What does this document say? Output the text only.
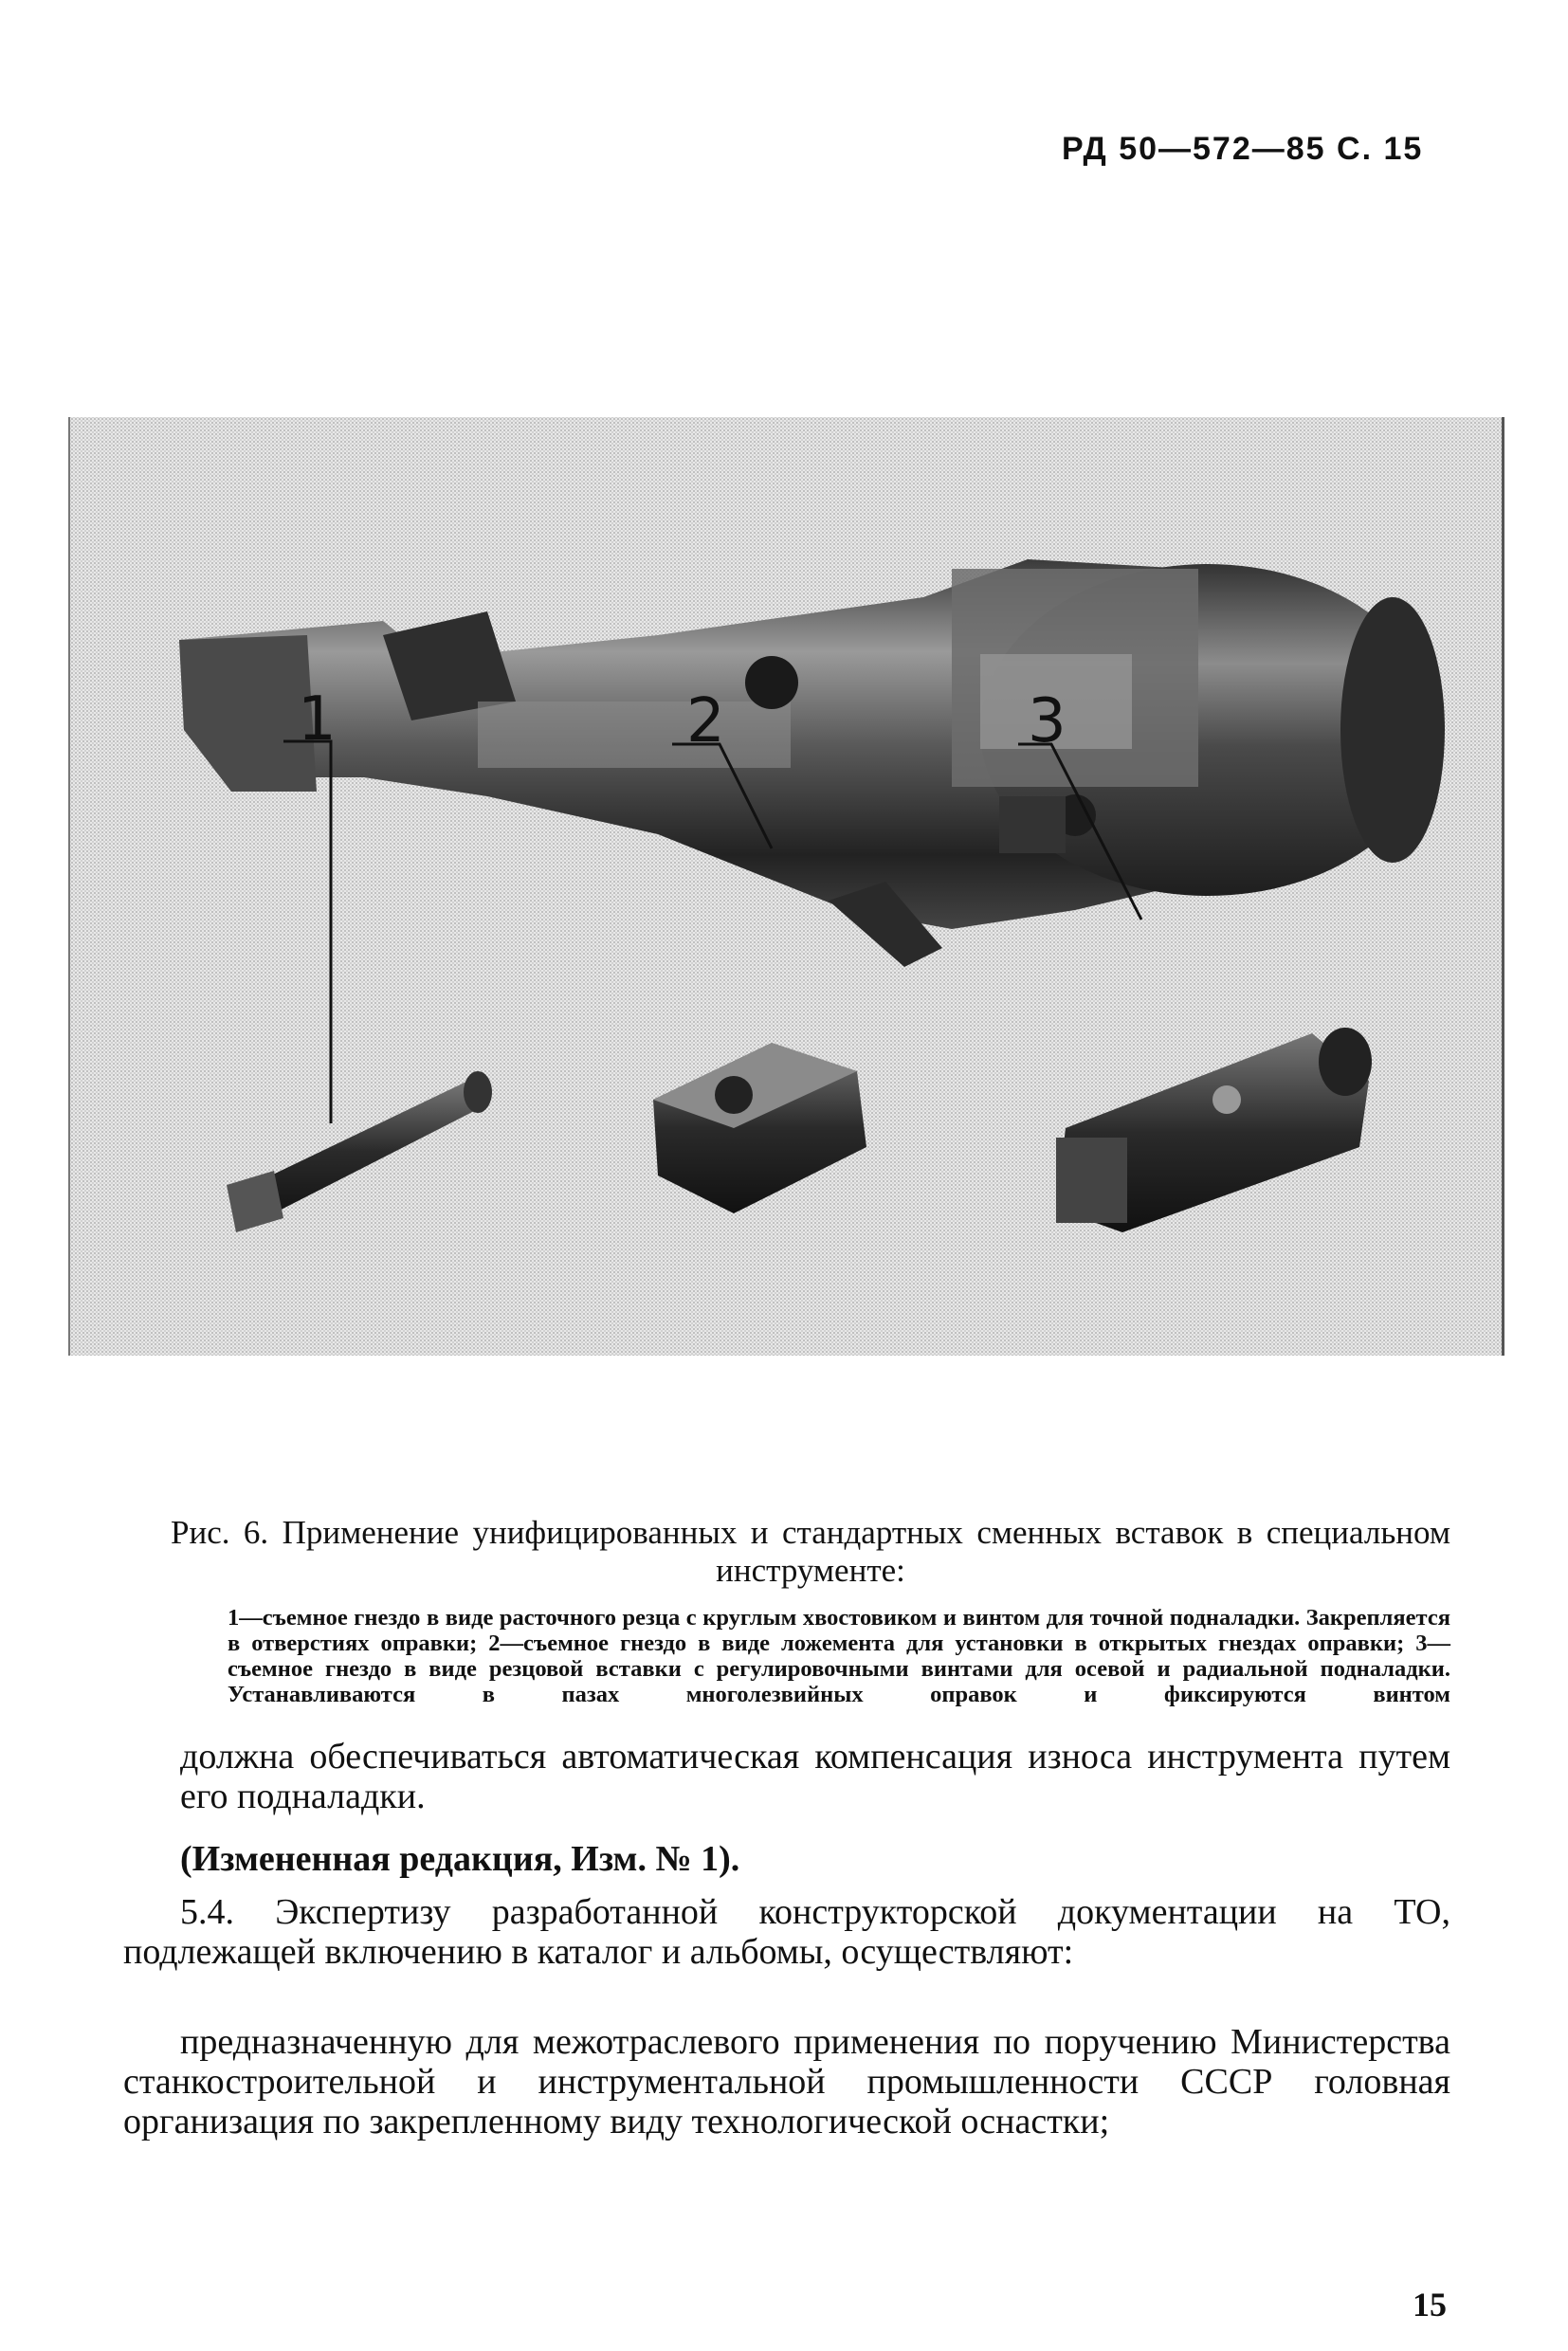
РД 50—572—85 С. 15
1	2	3
Рис. 6. Применение унифицированных и стандартных сменных вставок в специальном инструменте:
1—съемное гнездо в виде расточного резца с круглым хвостовиком и винтом для точной подналадки. Закрепляется в отверстиях оправки; 2—съемное гнездо в виде ложемента для установки в открытых гнездах оправки; 3—съемное гнездо в виде резцовой вставки с регулировочными винтами для осевой и радиальной подналадки. Устанавливаются в пазах многолезвийных оправок и фиксируются винтом
должна обеспечиваться автоматическая компенсация износа инструмента путем его подналадки.
(Измененная редакция, Изм. № 1).
5.4. Экспертизу разработанной конструкторской документации на ТО, подлежащей включению в каталог и альбомы, осуществляют:
предназначенную для межотраслевого применения по поручению Министерства станкостроительной и инструментальной промышленности СССР головная организация по закрепленному виду технологической оснастки;
15
